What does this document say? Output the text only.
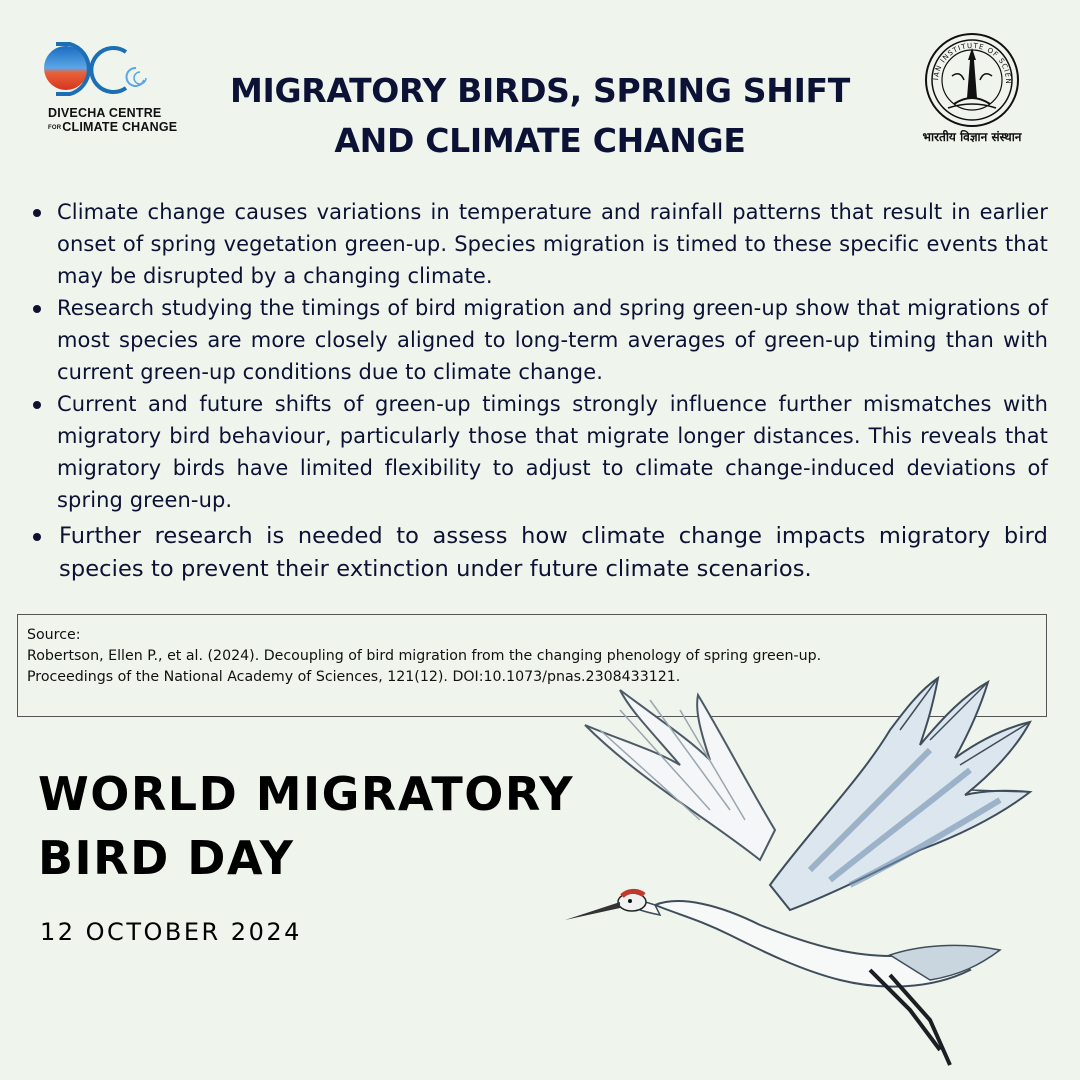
DIVECHA CENTRE
FORCLIMATE CHANGE
MIGRATORY BIRDS, SPRING SHIFT
AND CLIMATE CHANGE
IAN INSTITUTE OF SCIEN
भारतीय विज्ञान संस्थान
Climate change causes variations in temperature and rainfall patterns that result in earlier onset of spring vegetation green-up. Species migration is timed to these specific events that may be disrupted by a changing climate.
Research studying the timings of bird migration and spring green-up show that migrations of most species are more closely aligned to long-term averages of green-up timing than with current green-up conditions due to climate change.
Current and future shifts of green-up timings strongly influence further mismatches with migratory bird behaviour, particularly those that migrate longer distances. This reveals that migratory birds have limited flexibility to adjust to climate change-induced deviations of spring green-up.
Further research is needed to assess how climate change impacts migratory bird species to prevent their extinction under future climate scenarios.
Source:
Robertson, Ellen P., et al. (2024). Decoupling of bird migration from the changing phenology of spring green-up.
Proceedings of the National Academy of Sciences, 121(12). DOI:10.1073/pnas.2308433121.
WORLD MIGRATORY
BIRD DAY
12 OCTOBER 2024
